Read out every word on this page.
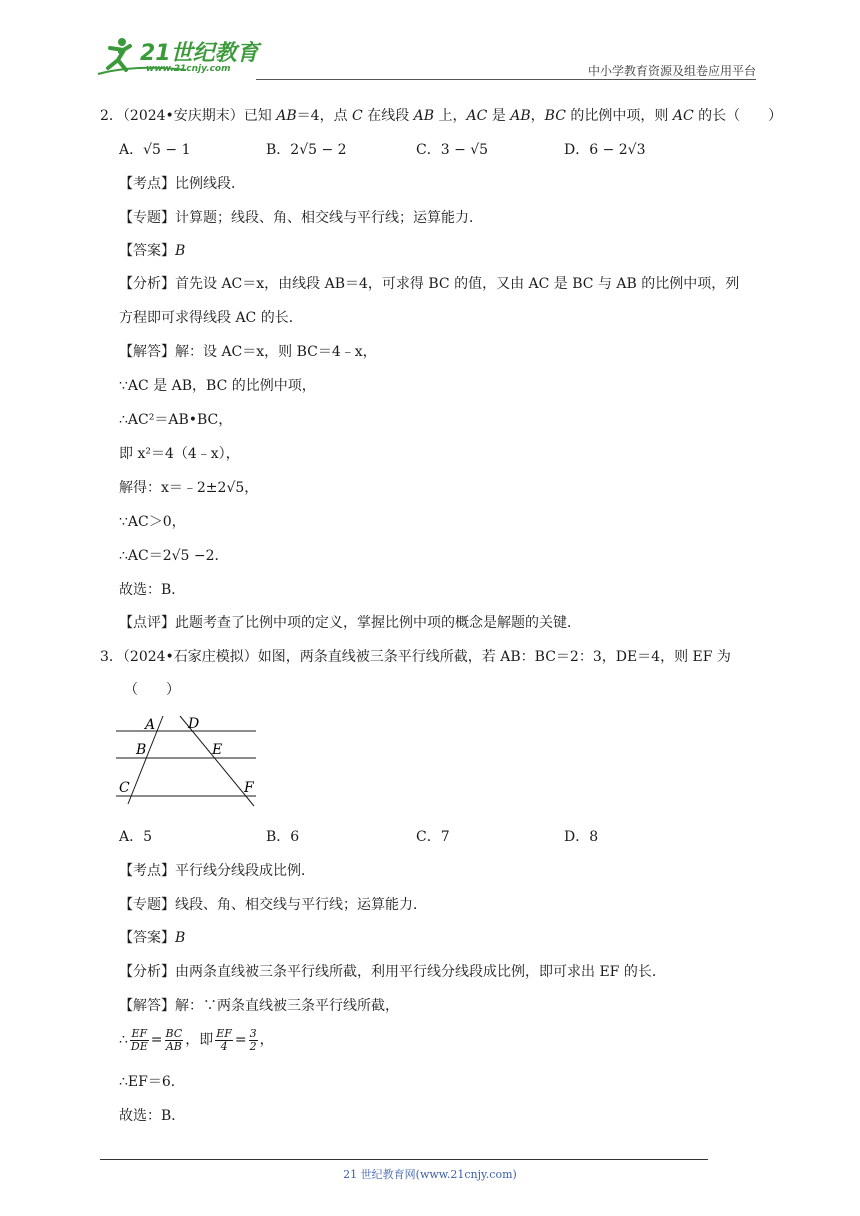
21世纪教育
www.21cnjy.com	中小学教育资源及组卷应用平台
2．（2024•安庆期末）已知 AB＝4，点 C 在线段 AB 上，AC 是 AB，BC 的比例中项，则 AC 的长（　　）
A．√5 − 1	B．2√5 − 2	C．3 − √5	D．6 − 2√3
【考点】比例线段．
【专题】计算题；线段、角、相交线与平行线；运算能力．
【答案】B
【分析】首先设 AC＝x，由线段 AB＝4，可求得 BC 的值，又由 AC 是 BC 与 AB 的比例中项，列
方程即可求得线段 AC 的长．
【解答】解：设 AC＝x，则 BC＝4﹣x，
∵AC 是 AB，BC 的比例中项，
∴AC²＝AB•BC，
即 x²＝4（4﹣x），
解得：x＝﹣2±2√5，
∵AC＞0，
∴AC＝2√5 −2．
故选：B．
【点评】此题考查了比例中项的定义，掌握比例中项的概念是解题的关键．
3．（2024•石家庄模拟）如图，两条直线被三条平行线所截，若 AB：BC＝2：3，DE＝4，则 EF 为
（　　）
A D
B	E
C	F
A．5	B．6	C．7	D．8
【考点】平行线分线段成比例．
【专题】线段、角、相交线与平行线；运算能力．
【答案】B
【分析】由两条直线被三条平行线所截，利用平行线分线段成比例，即可求出 EF 的长．
【解答】解：∵两条直线被三条平行线所截，
∴ $\frac{EF}{DE} = \frac{BC}{AB}$ ，即 $\frac{EF}{4} = \frac{3}{2}$ ，
∴EF＝6．
故选：B．
21 世纪教育网(www.21cnjy.com)
